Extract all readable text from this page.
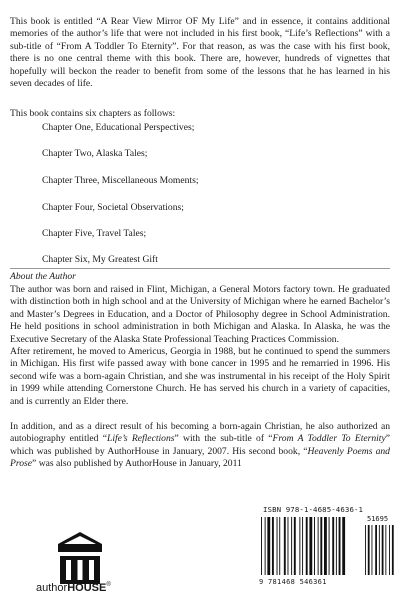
This book is entitled “A Rear View Mirror OF My Life” and in essence, it contains additional memories of the author’s life that were not included in his first book, “Life’s Reflections” with a sub-title of “From A Toddler To Eternity”. For that reason, as was the case with his first book, there is no one central theme with this book. There are, however, hundreds of vignettes that hopefully will beckon the reader to benefit from some of the lessons that he has learned in his seven decades of life.

This book contains six chapters as follows:

Chapter One, Educational Perspectives;

Chapter Two, Alaska Tales;

Chapter Three, Miscellaneous Moments;

Chapter Four, Societal Observations;

Chapter Five, Travel Tales;

Chapter Six, My Greatest Gift

About the Author

The author was born and raised in Flint, Michigan, a General Motors factory town. He graduated with distinction both in high school and at the University of Michigan where he earned Bachelor’s and Master’s Degrees in Education, and a Doctor of Philosophy degree in School Administration. He held positions in school administration in both Michigan and Alaska. In Alaska, he was the Executive Secretary of the Alaska State Professional Teaching Practices Commission.

After retirement, he moved to Americus, Georgia in 1988, but he continued to spend the summers in Michigan. His first wife passed away with bone cancer in 1995 and he remarried in 1996. His second wife was a born-again Christian, and she was instrumental in his receipt of the Holy Spirit in 1999 while attending Cornerstone Church. He has served his church in a variety of capacities, and is currently an Elder there.

In addition, and as a direct result of his becoming a born-again Christian, he also authorized an autobiography entitled “Life’s Reflections” with the sub-title of “From A Toddler To Eternity” which was published by AuthorHouse in January, 2007. His second book, “Heavenly Poems and Prose” was also published by AuthorHouse in January, 2011

ISBN 978-1-4685-4636-1
51695
9 781468 546361
authorHOUSE®
